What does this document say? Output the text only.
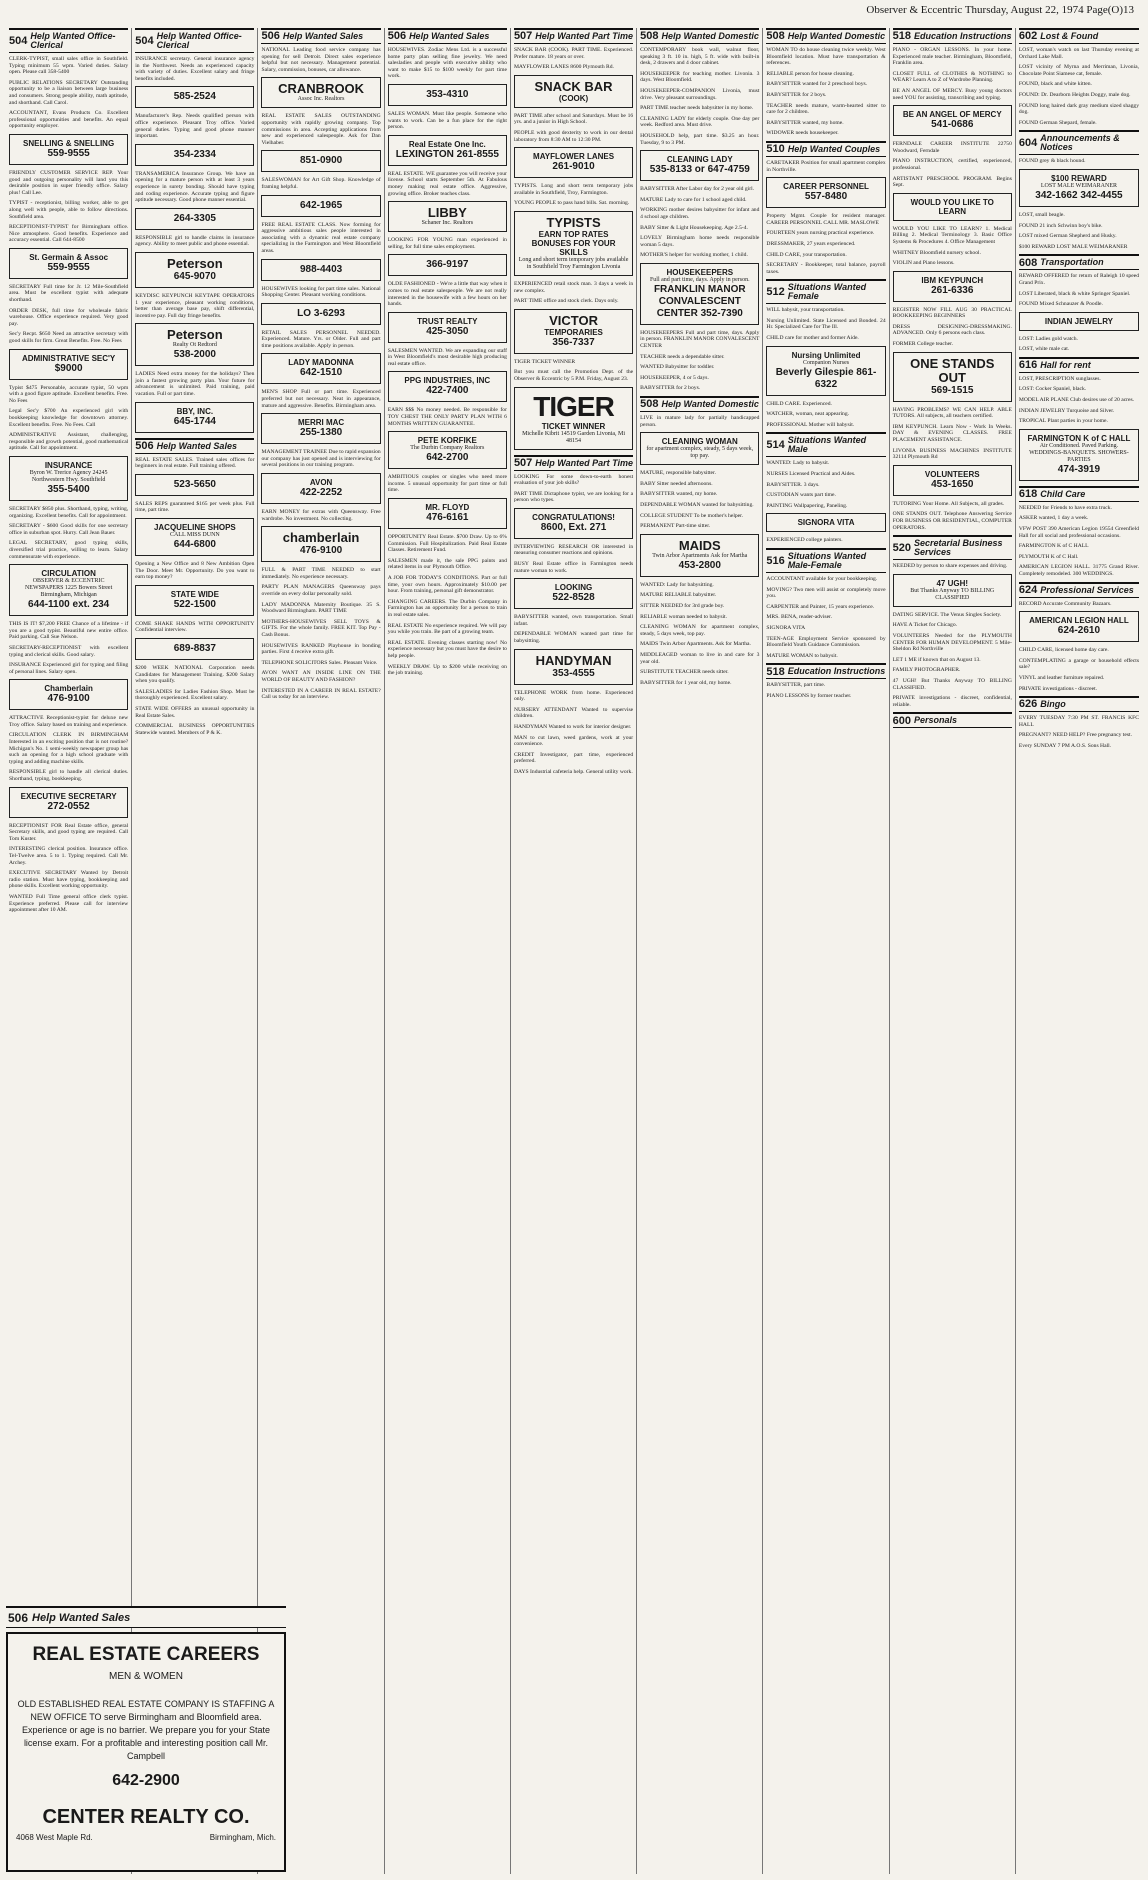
Observer & Eccentric Thursday, August 22, 1974 Page(O)13
504 Help Wanted Office-Clerical
CLERK-TYPIST, small sales office in Southfield. Typing minimum 55 wpm. Varied duties. Salary open. Please call 358-5400
PUBLIC RELATIONS SECRETARY Outstanding opportunity to be a liaison between large business and consumers. Strong people ability, math aptitude, and shorthand. Call Carol.
ACCOUNTANT, Evans Products Co. Excellent professional opportunities and benefits. An equal opportunity employer.
SNELLING & SNELLING
559-9555
FRIENDLY CUSTOMER SERVICE REP. Your good and outgoing personality will land you this desirable position in super friendly office. Salary plus! Call Lee.
TYPIST - receptionist, billing worker, able to get along well with people, able to follow directions. Southfield area.
RECEPTIONIST-TYPIST for Birmingham office. Nice atmosphere. Good benefits. Experience and accuracy essential. Call 644-8500
St. Germain & Assoc
559-9555
SECRETARY Full time for Jr. 12 Mile-Southfield area. Must be excellent typist with adequate shorthand.
ORDER DESK, full time for wholesale fabric warehouse. Office experience required. Very good pay.
Sec'y Recpt. $650 Need an attractive secretary with good skills for firm. Great Benefits. Free. No Fees
ADMINISTRATIVE SEC'Y
$9000
Typist $475 Personable, accurate typist, 50 wpm with a good figure aptitude. Excellent benefits. Free. No Fees
Legal Sec'y $700 An experienced girl with bookkeeping knowledge for downtown attorney. Excellent benefits. Free. No Fees. Call
ADMINISTRATIVE Assistant, challenging, responsible and growth potential, good mathematical aptitude. Call for appointment.
INSURANCE
Byron W. Trerice Agency 24245 Northwestern Hwy. Southfield
355-5400
SECRETARY $850 plus. Shorthand, typing, writing, organizing. Excellent benefits. Call for appointment.
SECRETARY - $600 Good skills for one secretary office in suburban spot. Hurry. Call Jean Bauer.
LEGAL SECRETARY, good typing skills, diversified trial practice, willing to learn. Salary commensurate with experience.
CIRCULATION
OBSERVER & ECCENTRIC NEWSPAPERS 1225 Bowers Street Birmingham, Michigan
644-1100 ext. 234
THIS IS IT! $7,200 FREE Chance of a lifetime - if you are a good typist. Beautiful new entire office. Paid parking. Call Sue Nelson.
SECRETARY-RECEPTIONIST with excellent typing and clerical skills. Good salary.
INSURANCE Experienced girl for typing and filing of personal lines. Salary open.
Chamberlain
476-9100
ATTRACTIVE Receptionist-typist for deluxe new Troy office. Salary based on training and experience.
CIRCULATION CLERK IN BIRMINGHAM Interested in an exciting position that is not routine? Michigan's No. 1 semi-weekly newspaper group has such an opening for a high school graduate with typing and adding machine skills.
RESPONSIBLE girl to handle all clerical duties. Shorthand, typing, bookkeeping.
EXECUTIVE SECRETARY
272-0552
RECEPTIONIST FOR Real Estate office, general Secretary skills, and good typing are required. Call Tom Kuster.
INTERESTING clerical position. Insurance office. Tel-Twelve area. 5 to 1. Typing required. Call Mr. Archey.
EXECUTIVE SECRETARY Wanted by Detroit radio station. Must have typing, bookkeeping and phone skills. Excellent working opportunity.
WANTED Full Time general office clerk typist. Experience preferred. Please call for interview appointment after 10 AM.
504 Help Wanted Office-Clerical
INSURANCE secretary. General insurance agency in the Northwest. Needs an experienced capacity with variety of duties. Excellent salary and fringe benefits included.
585-2524
Manufacturer's Rep. Needs qualified person with office experience. Pleasant Troy office. Varied general duties. Typing and good phone manner important.
354-2334
TRANSAMERICA Insurance Group. We have an opening for a mature person with at least 3 years experience in surety bonding. Should have typing and coding experience. Accurate typing and figure aptitude necessary. Good phone manner essential.
264-3305
RESPONSIBLE girl to handle claims in insurance agency. Ability to meet public and phone essential.
Peterson
645-9070
KEYDISC KEYPUNCH KEYTAPE OPERATORS 1 year experience, pleasant working conditions, better than average base pay, shift differential, incentive pay. Full day fringe benefits.
Peterson
Realty Ot Redtord
538-2000
LADIES Need extra money for the holidays? Then join a fastest growing party plan. Your future for advancement is unlimited. Paid training, paid vacation. Full or part time.
BBY, INC.
645-1744
506 Help Wanted Sales
REAL ESTATE SALES. Trained sales offices for beginners in real estate. Full training offered.
523-5650
SALES REPS guaranteed $165 per week plus. Full time, part time.
JACQUELINE SHOPS
CALL MISS DUNN
644-6800
Opening a New Office and 8 New Ambition Open The Door. Meet Mr. Opportunity. Do you want to earn top money?
STATE WIDE
522-1500
COME SHAKE HANDS WITH OPPORTUNITY Confidential interview.
689-8837
$200 WEEK NATIONAL Corporation needs Candidates for Management Training. $200 Salary when you qualify.
SALESLADIES for Ladies Fashion Shop. Must be thoroughly experienced. Excellent salary.
STATE WIDE OFFERS an unusual opportunity in Real Estate Sales.
COMMERCIAL BUSINESS OPPORTUNITIES Statewide wanted. Members of P & K.
506 Help Wanted Sales
NATIONAL Leading food service company has opening for sell Detroit. Direct sales experience helpful but not necessary. Management potential. Salary, commission, bonuses, car allowance.
CRANBROOK
Assoc Inc. Realtors
REAL ESTATE SALES OUTSTANDING opportunity with rapidly growing company. Top commissions in area. Accepting applications from new and experienced salespeople. Ask for Dan Vielhaber.
851-0900
SALESWOMAN for Art Gift Shop. Knowledge of framing helpful.
642-1965
FREE REAL ESTATE CLASS. Now forming for aggressive ambitious sales people interested in associating with a dynamic real estate company specializing in the Farmington and West Bloomfield areas.
988-4403
HOUSEWIVES looking for part time sales. National Shopping Center. Pleasant working conditions.
LO 3-6293
RETAIL SALES PERSONNEL NEEDED. Experienced. Mature. Yrs. or Older. Full and part time positions available. Apply in person.
LADY MADONNA
642-1510
MEN'S SHOP Full or part time. Experienced preferred but not necessary. Neat in appearance, mature and aggressive. Benefits. Birmingham area.
MERRI MAC
255-1380
MANAGEMENT TRAINEE Due to rapid expansion our company has just opened and is interviewing for several positions in our training program.
AVON
422-2252
EARN MONEY for extras with Queensway. Free wardrobe. No investment. No collecting.
chamberlain
476-9100
FULL & PART TIME NEEDED to start immediately. No experience necessary.
PARTY PLAN MANAGERS Queensway pays override on every dollar personally sold.
LADY MADONNA Maternity Boutique. 35 S. Woodward Birmingham. PART TIME
MOTHERS-HOUSEWIVES SELL TOYS & GIFTS. For the whole family. FREE KIT. Top Pay - Cash Bonus.
HOUSEWIVES RANKED Playhouse in bonding parties. First 4 receive extra gift.
TELEPHONE SOLICITORS Sales. Pleasant Voice.
AVON WANT AN INSIDE LINE ON THE WORLD OF BEAUTY AND FASHION?
INTERESTED IN A CAREER IN REAL ESTATE? Call us today for an interview.
506 Help Wanted Sales
HOUSEWIVES. Zodiac Mens Ltd. is a successful home party plan selling fine jewelry. We need salesladies and people with executive ability who want to make $15 to $100 weekly for part time work.
353-4310
SALES WOMAN. Must like people. Someone who wants to work. Can be a fun place for the right person.
Real Estate One Inc.
LEXINGTON 261-8555
REAL ESTATE. WE guarantee you will receive your license. School starts September 5th. At Fabulous money making real estate office. Aggressive, growing office. Broker teaches class.
LIBBY
Schaner Inc. Realtors
LOOKING FOR YOUNG man experienced in selling, for full time sales employment.
366-9197
OLDE FASHIONED - We're a little that way when it comes to real estate salespeople. We are not really interested in the housewife with a few hours on her hands.
TRUST REALTY
425-3050
SALESMEN WANTED. We are expanding our staff in West Bloomfield's most desirable high producing real estate office.
PPG INDUSTRIES, INC
422-7400
EARN $$$ No money needed. Be responsible for TOY CHEST THE ONLY PARTY PLAN WITH 6 MONTHS WRITTEN GUARANTEE.
PETE KORFIKE
The Durbin Company Realtors
642-2700
AMBITIOUS couples or singles who need more income. 5 unusual opportunity for part time or full time.
MR. FLOYD
476-6161
OPPORTUNITY Real Estate. $700 Draw. Up to 6% Commission. Full Hospitalization. Paid Real Estate Classes. Retirement Fund.
SALESMEN made it, the sale PPG paints and related items in our Plymouth Office.
A JOB FOR TODAY'S CONDITIONS. Part or full time, your own hours. Approximately $10.00 per hour. From training, personal gift demonstrator.
CHANGING CAREERS. The Durbin Company in Farmington has an opportunity for a person to train in real estate sales.
REAL ESTATE No experience required. We will pay you while you train. Be part of a growing team.
REAL ESTATE. Evening classes starting now! No experience necessary but you must have the desire to help people.
WEEKLY DRAW. Up to $200 while receiving on the job training.
507 Help Wanted Part Time
SNACK BAR (COOK). PART TIME. Experienced. Prefer mature. 18 years or over.
MAYFLOWER LANES 8600 Plymouth Rd.
SNACK BAR
(COOK)
PART TIME after school and Saturdays. Must be 16 yrs. and a junior in High School.
PEOPLE with good dexterity to work in our dental laboratory from 8:30 AM to 12:30 PM.
MAYFLOWER LANES
261-9010
TYPISTS. Long and short term temporary jobs available in Southfield, Troy, Farmington.
YOUNG PEOPLE to pass hand bills. Sat. morning.
TYPISTS
EARN TOP RATES BONUSES FOR YOUR SKILLS
Long and short term temporary jobs available in Southfield Troy Farmington Livonia
EXPERIENCED retail stock man. 3 days a week in new complex.
PART TIME office and stock clerk. Days only.
VICTOR
TEMPORARIES
356-7337
TIGER TICKET WINNER
But you must call the Promotion Dept. of the Observer & Eccentric by 5 P.M. Friday, August 23.
TIGER
TICKET WINNER
Michelle Kibrit 14519 Garden Livonia, Mi 48154
507 Help Wanted Part Time
LOOKING For some down-to-earth honest evaluation of your job skills?
PART TIME Dictaphone typist, we are looking for a person who types.
CONGRATULATIONS!
8600, Ext. 271
INTERVIEWING RESEARCH OR interested in measuring consumer reactions and opinions.
BUSY Real Estate office in Farmington needs mature woman to work.
LOOKING
522-8528
BABYSITTER wanted, own transportation. Small infant.
DEPENDABLE WOMAN wanted part time for babysitting.
HANDYMAN
353-4555
TELEPHONE WORK from home. Experienced only.
NURSERY ATTENDANT Wanted to supervise children.
HANDYMAN Wanted to work for interior designer.
MAN to cut lawn, weed gardens, work at your convenience.
CREDIT Investigator, part time, experienced preferred.
DAYS Industrial cafeteria help. General utility work.
508 Help Wanted Domestic
CONTEMPORARY book wall, walnut floor, speaking 3 ft. 10 in. high, 5 ft. wide with built-in desk, 2 drawers and 4 door cabinet.
HOUSEKEEPER for teaching mother. Livonia. 3 days. West Bloomfield.
HOUSEKEEPER-COMPANION Livonia, must drive. Very pleasant surroundings.
PART TIME teacher needs babysitter in my home.
CLEANING LADY for elderly couple. One day per week. Redford area. Must drive.
HOUSEHOLD help, part time. $3.25 an hour. Tuesday, 9 to 3 PM.
CLEANING LADY
535-8133 or 647-4759
BABYSITTER After Labor day for 2 year old girl.
MATURE Lady to care for 1 school aged child.
WORKING mother desires babysitter for infant and 4 school age children.
BABY Sitter & Light Housekeeping. Age 2.5-4.
LOVELY Birmingham home needs responsible woman 5 days.
MOTHER'S helper for working mother, 1 child.
HOUSEKEEPERS
Full and part time, days. Apply in person.
FRANKLIN MANOR CONVALESCENT CENTER 352-7390
HOUSEKEEPERS Full and part time, days. Apply in person. FRANKLIN MANOR CONVALESCENT CENTER
TEACHER needs a dependable sitter.
WANTED Babysitter for toddler.
HOUSEKEEPER, 4 or 5 days.
BABYSITTER for 2 boys.
508 Help Wanted Domestic
LIVE in mature lady for partially handicapped person.
CLEANING WOMAN
for apartment complex, steady, 5 days week, top pay.
MATURE, responsible babysitter.
BABY Sitter needed afternoons.
BABYSITTER wanted, my home.
DEPENDABLE WOMAN wanted for babysitting.
COLLEGE STUDENT To be mother's helper.
PERMANENT Part-time sitter.
MAIDS
Twin Arbor Apartments Ask for Martha
453-2800
WANTED: Lady for babysitting.
MATURE RELIABLE babysitter.
SITTER NEEDED for 3rd grade boy.
RELIABLE woman needed to babysit.
CLEANING WOMAN for apartment complex, steady, 5 days week, top pay.
MAIDS Twin Arbor Apartments. Ask for Martha.
MIDDLEAGED woman to live in and care for 3 year old.
SUBSTITUTE TEACHER needs sitter.
BABYSITTER for 1 year old, my home.
508 Help Wanted Domestic
WOMAN TO do house cleaning twice weekly. West Bloomfield location. Must have transportation & references.
RELIABLE person for house cleaning.
BABYSITTER wanted for 2 preschool boys.
BABYSITTER for 2 boys.
TEACHER needs mature, warm-hearted sitter to care for 2 children.
BABYSITTER wanted, my home.
WIDOWER needs housekeeper.
510 Help Wanted Couples
CARETAKER Position for small apartment complex in Northville.
CAREER PERSONNEL
557-8480
Property Mgmt. Couple for resident manager. CAREER PERSONNEL CALL MR. MASLOWE
FOURTEEN years nursing practical experience.
DRESSMAKER, 27 years experienced.
CHILD CARE, your transportation.
SECRETARY - Bookkeeper, total balance, payroll taxes.
512 Situations Wanted Female
WILL babysit, your transportation.
Nursing Unlimited. State Licensed and Bonded. 24 Hr. Specialized Care for The Ill.
CHILD care for mother and former Aide.
Nursing Unlimited
Companion Nurses
Beverly Gilespie 861-6322
CHILD CARE. Experienced.
WATCHER, woman, neat appearing.
PROFESSIONAL Mother will babysit.
514 Situations Wanted Male
WANTED: Lady to babysit.
NURSES Licensed Practical and Aides.
BABYSITTER. 3 days.
CUSTODIAN wants part time.
PAINTING Wallpapering, Paneling.
SIGNORA VITA
EXPERIENCED college painters.
516 Situations Wanted Male-Female
ACCOUNTANT available for your bookkeeping.
MOVING? Two men will assist or completely move you.
CARPENTER and Painter, 15 years experience.
MRS. BENA, reader-adviser.
SIGNORA VITA
TEEN-AGE Employment Service sponsored by Bloomfield Youth Guidance Commission.
MATURE WOMAN to babysit.
518 Education Instructions
BABYSITTER, part time.
PIANO LESSONS by former teacher.
518 Education Instructions
PIANO - ORGAN LESSONS. In your home. Experienced male teacher. Birmingham, Bloomfield, Franklin area.
CLOSET FULL of CLOTHES & NOTHING to WEAR? Learn A to Z of Wardrobe Planning.
BE AN ANGEL OF MERCY. Busy young doctors need YOU for assisting, transcribing and typing.
BE AN ANGEL OF MERCY
541-0686
FERNDALE CAREER INSTITUTE 22750 Woodward, Ferndale
PIANO INSTRUCTION, certified, experienced, professional.
ARTISTANT PRESCHOOL PROGRAM. Begins Sept.
WOULD YOU LIKE TO LEARN
WOULD YOU LIKE TO LEARN? 1. Medical Billing 2. Medical Terminology 3. Basic Office Systems & Procedures 4. Office Management
WHITNEY Bloomfield nursery school.
VIOLIN and Piano lessons.
IBM KEYPUNCH
261-6336
REGISTER NOW FILL AUG 30 PRACTICAL BOOKKEEPING BEGINNERS
DRESS DESIGNING-DRESSMAKING. ADVANCED. Only 6 persons each class.
FORMER College teacher.
ONE STANDS OUT
569-1515
HAVING PROBLEMS? WE CAN HELP. ABLE TUTORS. All subjects, all teachers certified.
IBM KEYPUNCH. Learn Now - Work In Weeks. DAY & EVENING CLASSES. FREE PLACEMENT ASSISTANCE.
LIVONIA BUSINESS MACHINES INSTITUTE 32114 Plymouth Rd
VOLUNTEERS
453-1650
TUTORING Your Home. All Subjects, all grades.
ONE STANDS OUT. Telephone Answering Service FOR BUSINESS OR RESIDENTIAL, COMPUTER OPERATORS.
520 Secretarial Business Services
NEEDED by person to share expenses and driving.
47 UGH!
But Thanks Anyway TO BILLING CLASSIFIED
DATING SERVICE. The Venus Singles Society.
HAVE A Ticket for Chicago.
VOLUNTEERS Needed for the PLYMOUTH CENTER FOR HUMAN DEVELOPMENT. 5 Mile-Sheldon Rd Northville
LET 1 ME if known that on August 13.
FAMILY PHOTOGRAPHER.
47 UGH! But Thanks Anyway TO BILLING CLASSIFIED.
PRIVATE investigations - discreet, confidential, reliable.
600 Personals
602 Lost & Found
LOST, woman's watch on last Thursday evening at Orchard Lake Mall.
LOST vicinity of Myrna and Merriman, Livonia, Chocolate Point Siamese cat, female.
FOUND, black and white kitten.
FOUND: Dr. Dearborn Heights Doggy, male dog.
FOUND long haired dark gray medium sized shaggy dog.
FOUND German Shepard, female.
604 Announcements & Notices
FOUND grey & black hound.
$100 REWARD
LOST MALE WEIMARANER
342-1662 342-4455
LOST, small beagle.
FOUND 21 inch Schwinn boy's bike.
LOST mixed German Shepherd and Husky.
$100 REWARD LOST MALE WEIMARANER
608 Transportation
REWARD OFFERED for return of Raleigh 10 speed Grand Prix.
LOST Liberated, black & white Springer Spaniel.
FOUND Mixed Schnauzer & Poodle.
INDIAN JEWELRY
LOST: Ladies gold watch.
LOST, white male cat.
616 Hall for rent
LOST, PRESCRIPTION sunglasses.
LOST: Cocker Spaniel, black.
MODEL AIR PLANE Club desires use of 20 acres.
INDIAN JEWELRY Turquoise and Silver.
TROPICAL Plant parties in your home.
FARMINGTON K of C HALL
Air Conditioned. Paved Parking. WEDDINGS-BANQUETS. SHOWERS-PARTIES
474-3919
618 Child Care
NEEDED for Friends to have extra truck.
ASKER wanted, 1 day a week.
VFW POST 390 American Legion 19554 Greenfield Hall for all social and professional occasions.
FARMINGTON K of C HALL
PLYMOUTH K of C Hall.
AMERICAN LEGION HALL. 31775 Grand River. Completely remodeled. 300 WEDDINGS.
624 Professional Services
RECORD Accurate Community Bazaars.
AMERICAN LEGION HALL
624-2610
CHILD CARE, licensed home day care.
CONTEMPLATING a garage or household effects sale?
VINYL and leather furniture repaired.
PRIVATE investigations - discreet.
626 Bingo
EVERY TUESDAY 7:30 PM ST. FRANCIS KFC HALL
PREGNANT? NEED HELP? Free pregnancy test.
Every SUNDAY 7 PM A.O.S. Sons Hall.
506 Help Wanted Sales
REAL ESTATE CAREERS
MEN & WOMEN
OLD ESTABLISHED REAL ESTATE COMPANY IS STAFFING A NEW OFFICE TO serve Birmingham and Bloomfield area. Experience or age is no barrier. We prepare you for your State license exam. For a profitable and interesting position call Mr. Campbell
642-2900
CENTER REALTY CO.
4068 West Maple Rd.	Birmingham, Mich.
